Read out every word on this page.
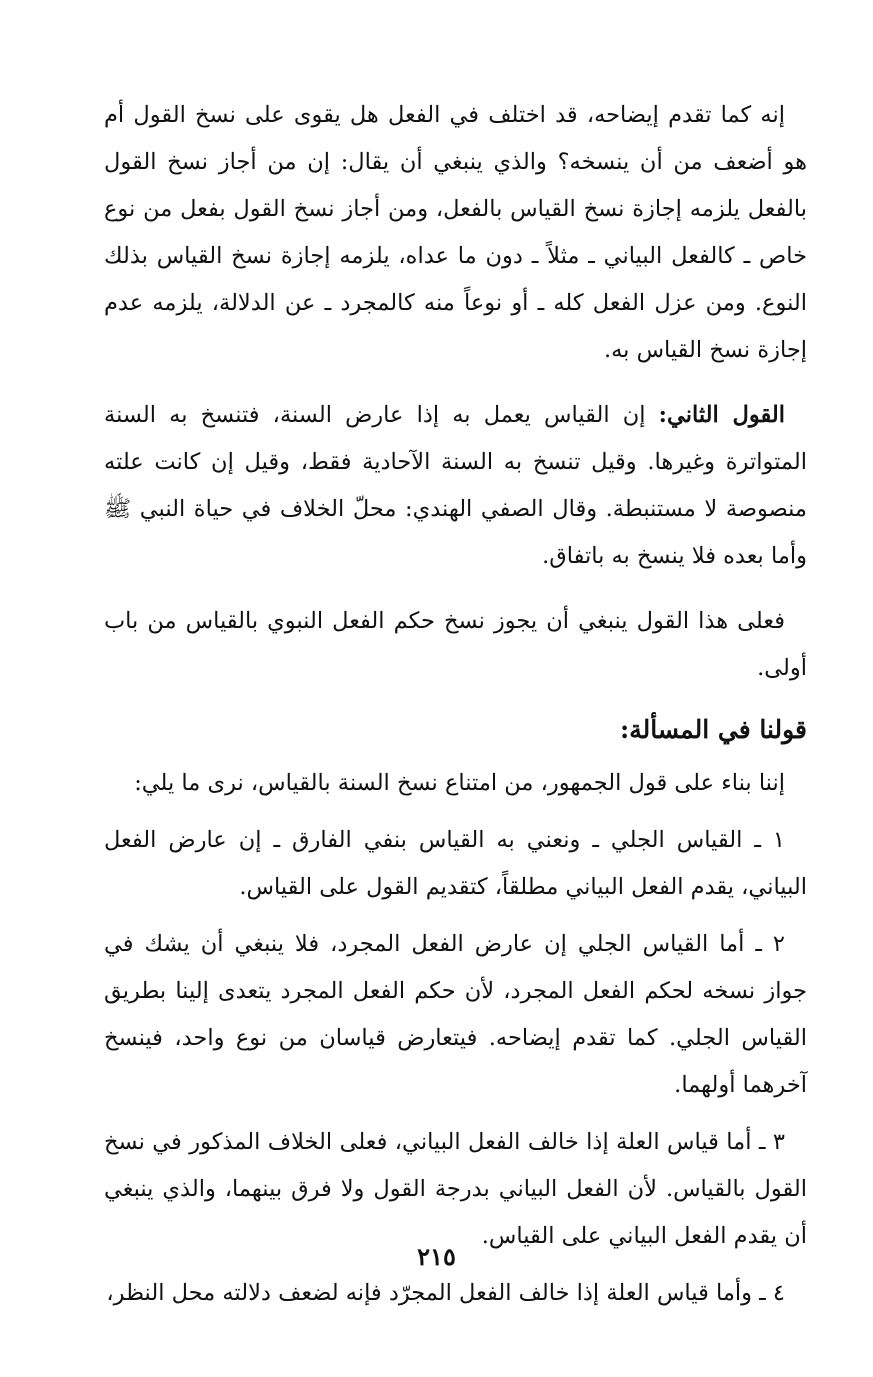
إنه كما تقدم إيضاحه، قد اختلف في الفعل هل يقوى على نسخ القول أم هو أضعف من أن ينسخه؟ والذي ينبغي أن يقال: إن من أجاز نسخ القول بالفعل يلزمه إجازة نسخ القياس بالفعل، ومن أجاز نسخ القول بفعل من نوع خاص ـ كالفعل البياني ـ مثلاً ـ دون ما عداه، يلزمه إجازة نسخ القياس بذلك النوع. ومن عزل الفعل كله ـ أو نوعاً منه كالمجرد ـ عن الدلالة، يلزمه عدم إجازة نسخ القياس به.

القول الثاني: إن القياس يعمل به إذا عارض السنة، فتنسخ به السنة المتواترة وغيرها. وقيل تنسخ به السنة الآحادية فقط، وقيل إن كانت علته منصوصة لا مستنبطة. وقال الصفي الهندي: محلّ الخلاف في حياة النبي ﷺ وأما بعده فلا ينسخ به باتفاق.

فعلى هذا القول ينبغي أن يجوز نسخ حكم الفعل النبوي بالقياس من باب أولى.

قولنا في المسألة:

إننا بناء على قول الجمهور، من امتناع نسخ السنة بالقياس، نرى ما يلي:

١ ـ القياس الجلي ـ ونعني به القياس بنفي الفارق ـ إن عارض الفعل البياني، يقدم الفعل البياني مطلقاً، كتقديم القول على القياس.

٢ ـ أما القياس الجلي إن عارض الفعل المجرد، فلا ينبغي أن يشك في جواز نسخه لحكم الفعل المجرد، لأن حكم الفعل المجرد يتعدى إلينا بطريق القياس الجلي. كما تقدم إيضاحه. فيتعارض قياسان من نوع واحد، فينسخ آخرهما أولهما.

٣ ـ أما قياس العلة إذا خالف الفعل البياني، فعلى الخلاف المذكور في نسخ القول بالقياس. لأن الفعل البياني بدرجة القول ولا فرق بينهما، والذي ينبغي أن يقدم الفعل البياني على القياس.

٤ ـ وأما قياس العلة إذا خالف الفعل المجرّد فإنه لضعف دلالته محل النظر،

٢١٥
